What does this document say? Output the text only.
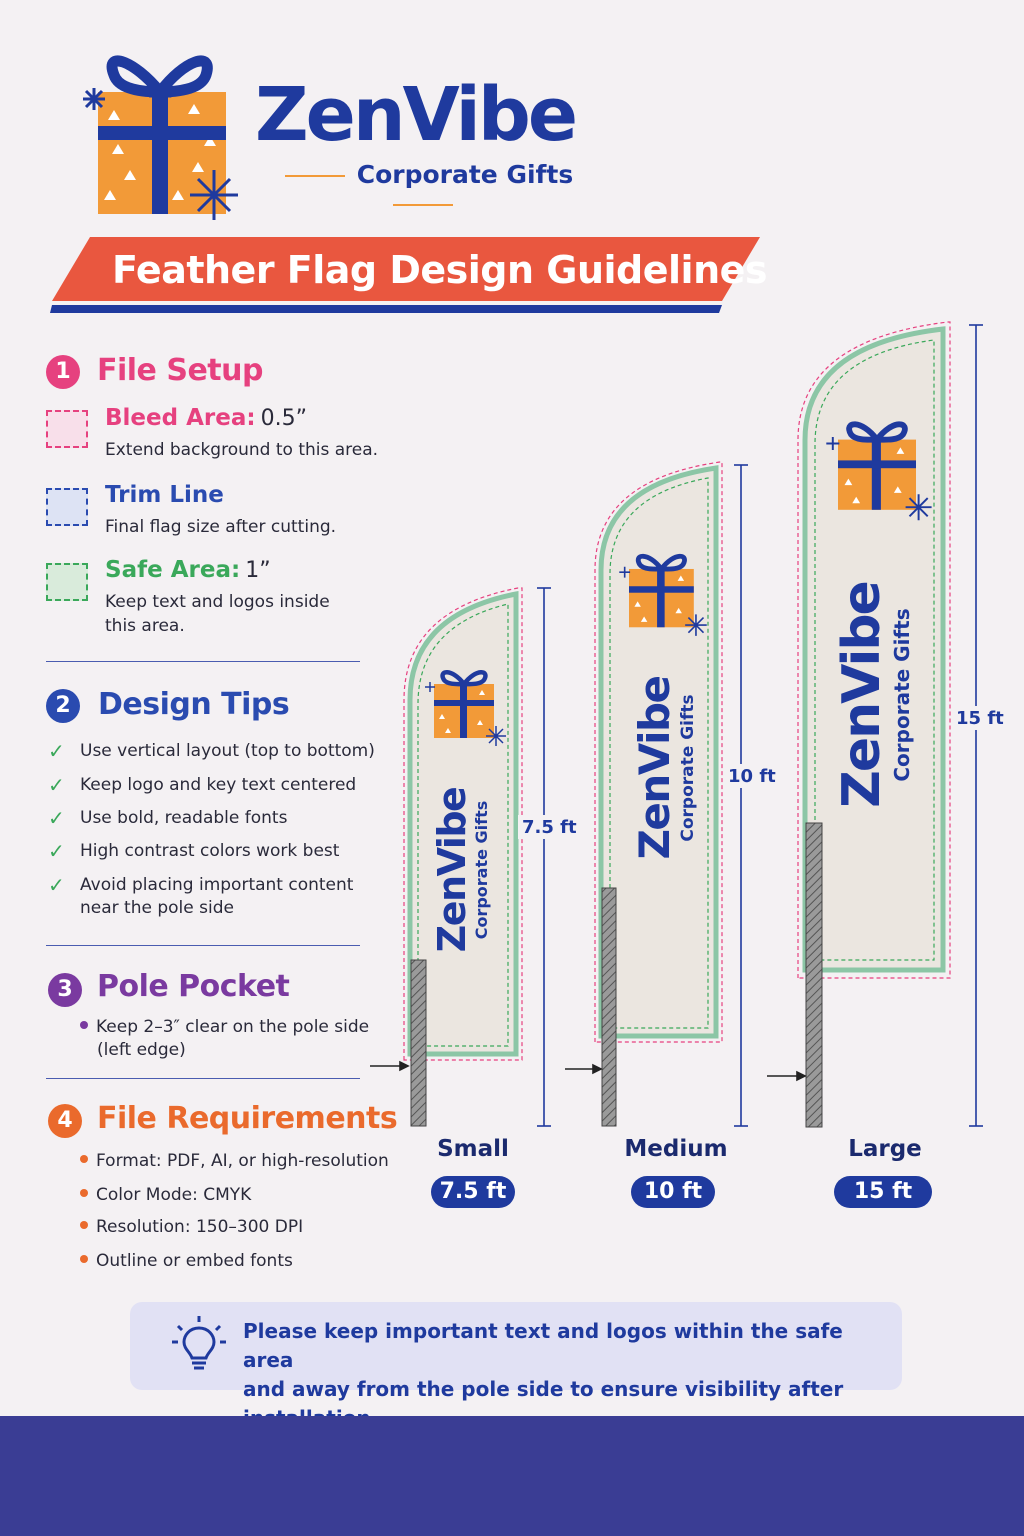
ZenVibe
Corporate Gifts
Feather Flag Design Guidelines
1 File Setup
Bleed Area: 0.5”
Extend background to this area.
Trim Line
Final flag size after cutting.
Safe Area: 1”
Keep text and logos inside
this area.
2 Design Tips
✓ Use vertical layout (top to bottom)
✓ Keep logo and key text centered
✓ Use bold, readable fonts
✓ High contrast colors work best
✓ Avoid placing important content
near the pole side
3 Pole Pocket
Keep 2–3″ clear on the pole side
(left edge)
4 File Requirements
Format: PDF, AI, or high-resolution
Color Mode: CMYK
Resolution: 150–300 DPI
Outline or embed fonts
ZenVibe
Corporate Gifts
ZenVibe Corporate Gifts	ZenVibe
Corporate Gifts
7.5 ft
10 ft
15 ft
Small
7.5 ft
Medium
10 ft
Large
15 ft
Please keep important text and logos within the safe area
and away from the pole side to ensure visibility after
